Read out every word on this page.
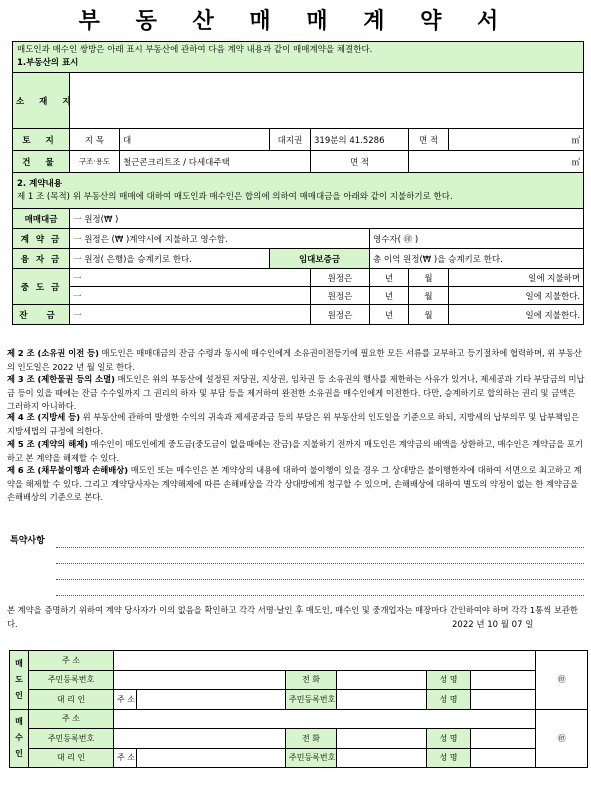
부 동 산 매 매 계 약 서
매도인과 매수인 쌍방은 아래 표시 부동산에 관하여 다음 계약 내용과 같이 매매계약을 체결한다.
1.부동산의 표시							

소 재 지							
토 지	지 목	대	대지권	319분의 41.5286		면 적	㎡
건 물	구조·용도	철근콘크리트조 / 다세대주택		면 적		㎡	

2. 계약내용
제 1 조 (목적) 위 부동산의 매매에 대하여 매도인과 매수인은 합의에 의하여 매매대금을 아래와 같이 지불하기로 한다.							

매매대금	一 원정(₩ )						
계 약 금	一 원정은 (₩ )계약시에 지불하고 영수함.				영수자( ㊞ )		
융 자 금	一 원정( 은행)을 승계키로 한다.		임대보증금		총 이억 원정(₩ )을 승계키로 한다.		
중 도 금	一			원정은	년	월	일에 지불하며
	一			원정은	년	월	일에 지불한다.
잔 금	一			원정은	년	월	일에 지불한다.
제 2 조 (소유권 이전 등) 매도인은 매매대금의 잔금 수령과 동시에 매수인에게 소유권이전등기에 필요한 모든 서류를 교부하고 등기절차에 협력하며, 위 부동산의 인도일은 2022 년 월 일로 한다.
제 3 조 (제한물권 등의 소멸) 매도인은 위의 부동산에 설정된 저당권, 지상권, 임차권 등 소유권의 행사를 제한하는 사유가 있거나, 제세공과 기타 부담금의 미납금 등이 있을 때에는 잔금 수수일까지 그 권리의 하자 및 부담 등을 제거하여 완전한 소유권을 매수인에게 이전한다. 다만, 승계하기로 합의하는 권리 및 금액은 그러하지 아니하다.
제 4 조 (지방세 등) 위 부동산에 관하여 발생한 수익의 귀속과 제세공과금 등의 부담은 위 부동산의 인도일을 기준으로 하되, 지방세의 납부의무 및 납부책임은 지방세법의 규정에 의한다.
제 5 조 (계약의 해제) 매수인이 매도인에게 중도금(중도금이 없을때에는 잔금)을 지불하기 전까지 매도인은 계약금의 배액을 상환하고, 매수인은 계약금을 포기하고 본 계약을 해제할 수 있다.
제 6 조 (채무불이행과 손해배상) 매도인 또는 매수인은 본 계약상의 내용에 대하여 불이행이 있을 경우 그 상대방은 불이행한자에 대하여 서면으로 최고하고 계약을 해제할 수 있다. 그리고 계약당사자는 계약해제에 따른 손해배상을 각각 상대방에게 청구할 수 있으며, 손해배상에 대하여 별도의 약정이 없는 한 계약금을 손해배상의 기준으로 본다.
특약사항
본 계약을 증명하기 위하여 계약 당사자가 이의 없음을 확인하고 각각 서명·날인 후 매도인, 매수인 및 중개업자는 매장마다 간인하여야 하며 각각 1통씩 보관한다.	2022 년 10 월 07 일
매 도 인	주 소							㊞
	주민등록번호			전 화		성 명		
	대 리 인	주 소		주민등록번호		성 명		
매 수 인	주 소							㊞
	주민등록번호			전 화		성 명		
	대 리 인	주 소		주민등록번호		성 명		
